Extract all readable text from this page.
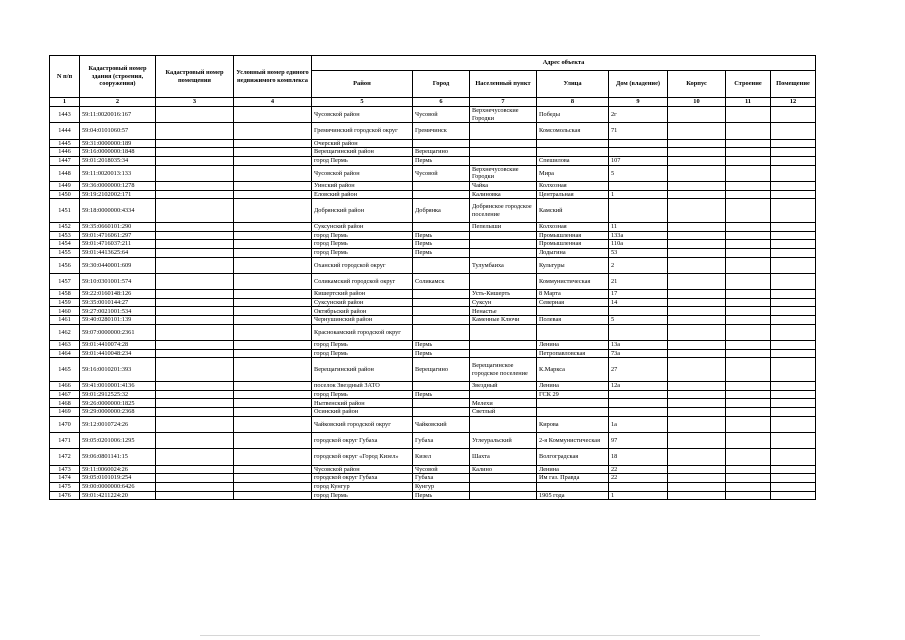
N п/п	Кадастровый номер здания (строения, сооружения)	Кадастровый номер помещения	Условный номер единого недвижимого комплекса	Адрес объекта							
				Район	Город	Населенный пункт	Улица	Дом (владение)	Корпус	Строение	Помещение
1	2	3	4	5	6	7	8	9	10	11	12
1443	59:11:0020016:167			Чусовской район	Чусовой	Верхнечусовские Городки	Победы	2г			
1444	59:04:0101060:57			Гремячинский городской округ	Гремячинск		Комсомольская	71			
1445	59:31:0000000:189			Очерский район							
1446	59:16:0000000:1848			Верещагинский район	Верещагино						
1447	59:01:2018035:34			город Пермь	Пермь		Спешилова	107			
1448	59:11:0020013:133			Чусовской район	Чусовой	Верхнечусовские Городки	Мира	5			
1449	59:36:0000000:1278			Уинский район		Чайка	Колхозная				
1450	59:19:2102002:171			Еловский район		Калиновка	Центральная	1			
1451	59:18:0000000:4334			Добрянский район	Добрянка	Добрянское городское поселение	Камский				
1452	59:35:0660101:290			Суксунский район		Пепелыши	Колхозная	11			
1453	59:01:4716061:297			город Пермь	Пермь		Промышленная	133а			
1454	59:01:4716037:211			город Пермь	Пермь		Промышленная	110а			
1455	59:01:4413625:64			город Пермь	Пермь		Лодыгина	53			
1456	59:30:0440001:609			Оханский городской округ		Тулумбаиха	Культуры	2			
1457	59:10:0301001:574			Соликамский городской округ	Соликамск		Коммунистическая	21			
1458	59:22:0160148:126			Кишертский район		Усть-Кишерть	8 Марта	17			
1459	59:35:0010144:27			Суксунский район		Суксун	Северная	14			
1460	59:27:0021001:534			Октябрьский район		Ненастье					
1461	59:40:0280101:139			Чернушинский район		Каменные Ключи	Полевая	5			
1462	59:07:0000000:2361			Краснокамский городской округ							
1463	59:01:4410074:28			город Пермь	Пермь		Ленина	13а			
1464	59:01:4410048:234			город Пермь	Пермь		Петропавловская	73а			
1465	59:16:0010201:393			Верещагинский район	Верещагино	Верещагинское городское поселение	К.Маркса	27			
1466	59:41:0010001:4136			поселок Звездный ЗАТО		Звездный	Ленина	12а			
1467	59:01:2912525:32			город Пермь	Пермь		ГСК 29				
1468	59:26:0000000:1825			Нытвенский район		Мелехи					
1469	59:29:0000000:2368			Осинский район		Светлый					
1470	59:12:0010724:26			Чайковский городской округ	Чайковский		Кирова	1а			
1471	59:05:0201006:1295			городской округ Губаха	Губаха	Углеуральский	2-я Коммунистическая	97			
1472	59:06:0801141:15			городской округ «Город Кизел»	Кизел	Шахта	Волгоградская	18			
1473	59:11:0060024:26			Чусовской район	Чусовой	Калино	Ленина	22			
1474	59:05:0101019:254			городской округ Губаха	Губаха		Им газ. Правда	22			
1475	59:00:0000000:6426			город Кунгур	Кунгур						
1476	59:01:4211224:20			город Пермь	Пермь		1905 года	1			
